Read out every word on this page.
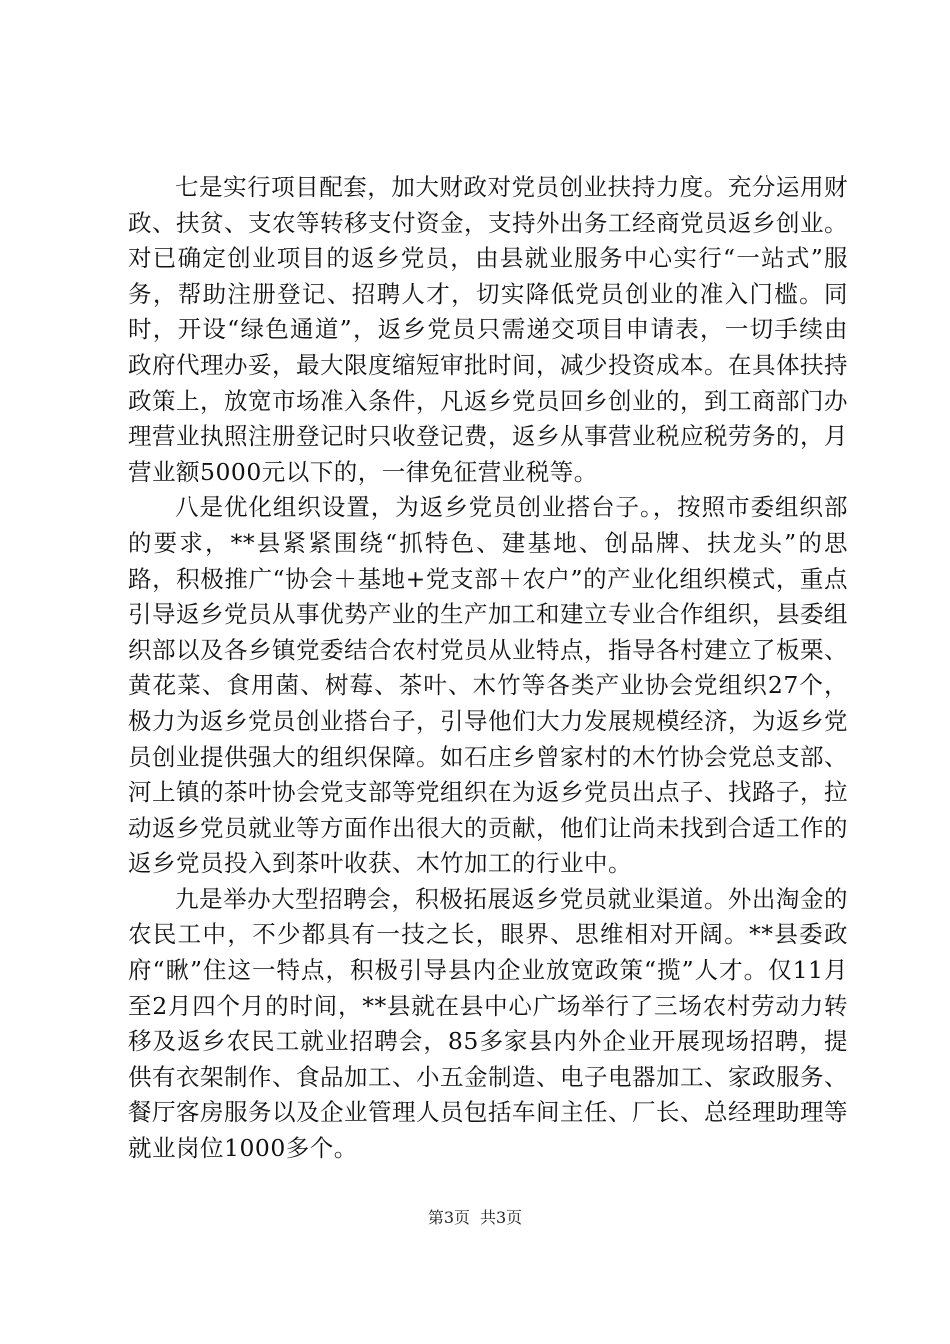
七是实行项目配套，加大财政对党员创业扶持力度。充分运用财政、扶贫、支农等转移支付资金，支持外出务工经商党员返乡创业。对已确定创业项目的返乡党员，由县就业服务中心实行“一站式”服务，帮助注册登记、招聘人才，切实降低党员创业的准入门槛。同时，开设“绿色通道”，返乡党员只需递交项目申请表，一切手续由政府代理办妥，最大限度缩短审批时间，减少投资成本。在具体扶持政策上，放宽市场准入条件，凡返乡党员回乡创业的，到工商部门办理营业执照注册登记时只收登记费，返乡从事营业税应税劳务的，月营业额5000元以下的，一律免征营业税等。

八是优化组织设置，为返乡党员创业搭台子。，按照市委组织部的要求，**县紧紧围绕“抓特色、建基地、创品牌、扶龙头”的思路，积极推广“协会＋基地+党支部＋农户”的产业化组织模式，重点引导返乡党员从事优势产业的生产加工和建立专业合作组织，县委组织部以及各乡镇党委结合农村党员从业特点，指导各村建立了板栗、黄花菜、食用菌、树莓、茶叶、木竹等各类产业协会党组织27个，极力为返乡党员创业搭台子，引导他们大力发展规模经济，为返乡党员创业提供强大的组织保障。如石庄乡曾家村的木竹协会党总支部、河上镇的茶叶协会党支部等党组织在为返乡党员出点子、找路子，拉动返乡党员就业等方面作出很大的贡献，他们让尚未找到合适工作的返乡党员投入到茶叶收获、木竹加工的行业中。

九是举办大型招聘会，积极拓展返乡党员就业渠道。外出淘金的农民工中，不少都具有一技之长，眼界、思维相对开阔。**县委政府“瞅”住这一特点，积极引导县内企业放宽政策“揽”人才。仅11月至2月四个月的时间，**县就在县中心广场举行了三场农村劳动力转移及返乡农民工就业招聘会，85多家县内外企业开展现场招聘，提供有衣架制作、食品加工、小五金制造、电子电器加工、家政服务、餐厅客房服务以及企业管理人员包括车间主任、厂长、总经理助理等就业岗位1000多个。

第3页 共3页
